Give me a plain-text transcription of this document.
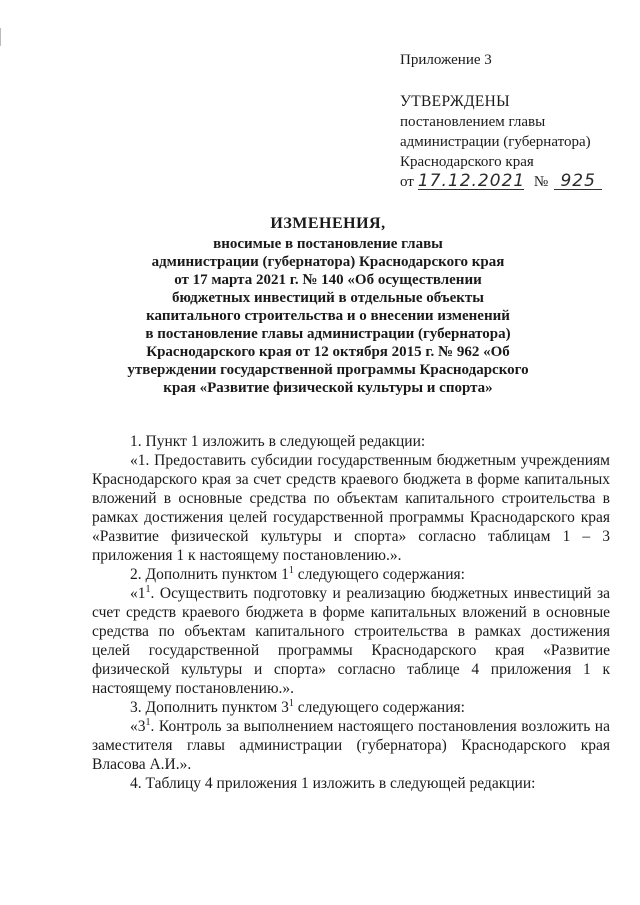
Приложение 3
УТВЕРЖДЕНЫ
постановлением главы
администрации (губернатора)
Краснодарского края
от 17.12.2021 № 925
ИЗМЕНЕНИЯ,
вносимые в постановление главы
администрации (губернатора) Краснодарского края
от 17 марта 2021 г. № 140 «Об осуществлении
бюджетных инвестиций в отдельные объекты
капитального строительства и о внесении изменений
в постановление главы администрации (губернатора)
Краснодарского края от 12 октября 2015 г. № 962 «Об
утверждении государственной программы Краснодарского
края «Развитие физической культуры и спорта»

1. Пункт 1 изложить в следующей редакции:

«1. Предоставить субсидии государственным бюджетным учреждениям Краснодарского края за счет средств краевого бюджета в форме капитальных вложений в основные средства по объектам капитального строительства в рамках достижения целей государственной программы Краснодарского края «Развитие физической культуры и спорта» согласно таблицам 1 – 3 приложения 1 к настоящему постановлению.».

2. Дополнить пунктом $1^1$ следующего содержания:

«$1^1$. Осуществить подготовку и реализацию бюджетных инвестиций за счет средств краевого бюджета в форме капитальных вложений в основные средства по объектам капитального строительства в рамках достижения целей государственной программы Краснодарского края «Развитие физической культуры и спорта» согласно таблице 4 приложения 1 к настоящему постановлению.».

3. Дополнить пунктом $3^1$ следующего содержания:

«$3^1$. Контроль за выполнением настоящего постановления возложить на заместителя главы администрации (губернатора) Краснодарского края Власова А.И.».

4. Таблицу 4 приложения 1 изложить в следующей редакции:
